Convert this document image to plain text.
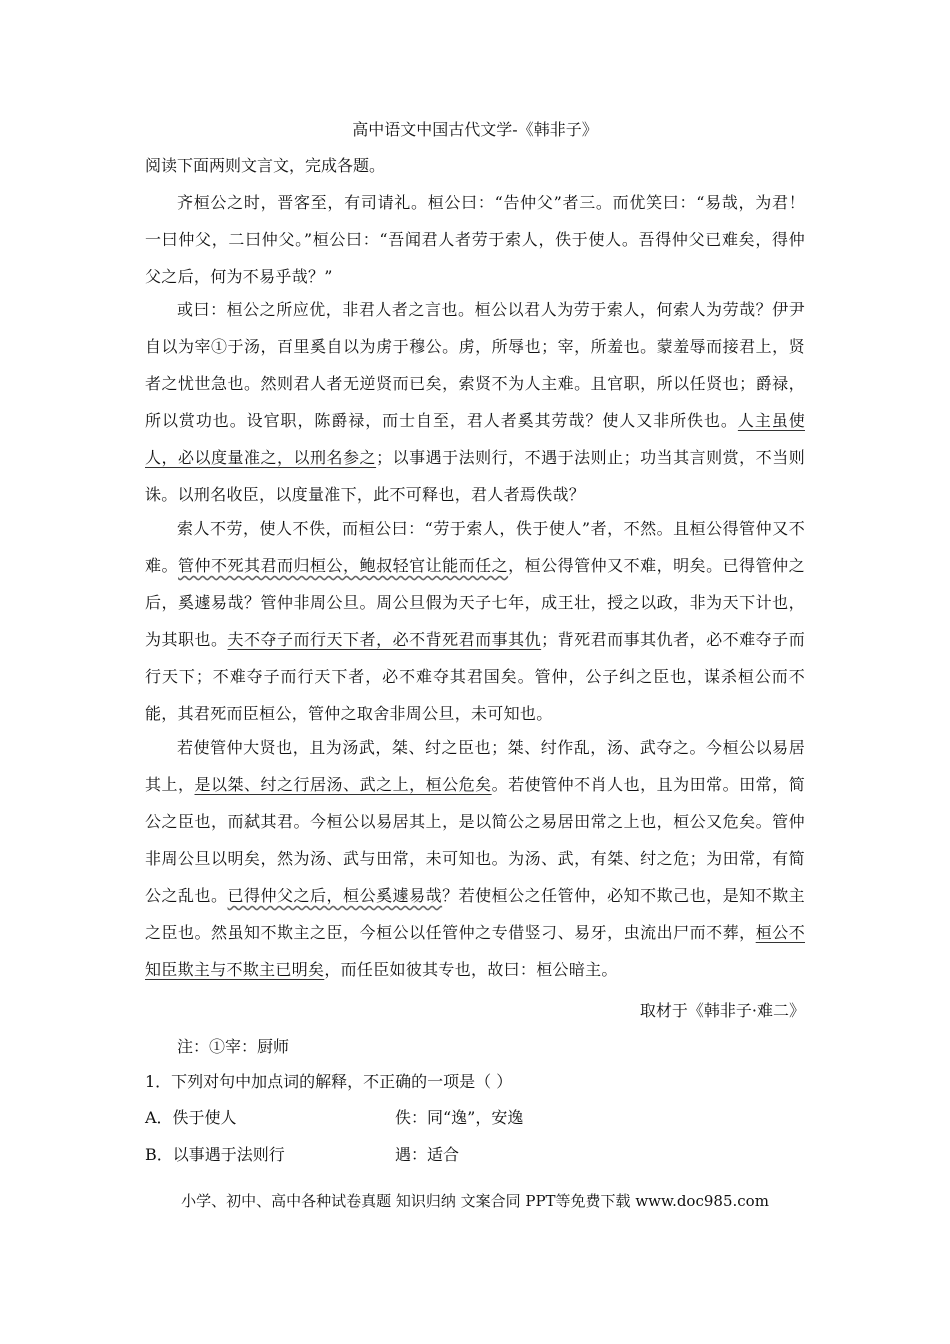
高中语文中国古代文学-《韩非子》
阅读下面两则文言文，完成各题。
齐桓公之时，晋客至，有司请礼。桓公曰：“告仲父”者三。而优笑曰：“易哉，为君！一曰仲父，二曰仲父。”桓公曰：“吾闻君人者劳于索人，佚于使人。吾得仲父已难矣，得仲父之后，何为不易乎哉？”
或曰：桓公之所应优，非君人者之言也。桓公以君人为劳于索人，何索人为劳哉？伊尹自以为宰①于汤，百里奚自以为虏于穆公。虏，所辱也；宰，所羞也。蒙羞辱而接君上，贤者之忧世急也。然则君人者无逆贤而已矣，索贤不为人主难。且官职，所以任贤也；爵禄，所以赏功也。设官职，陈爵禄，而士自至，君人者奚其劳哉？使人又非所佚也。人主虽使人，必以度量准之，以刑名参之；以事遇于法则行，不遇于法则止；功当其言则赏，不当则诛。以刑名收臣，以度量准下，此不可释也，君人者焉佚哉？
索人不劳，使人不佚，而桓公曰：“劳于索人，佚于使人”者，不然。且桓公得管仲又不难。管仲不死其君而归桓公，鲍叔轻官让能而任之，桓公得管仲又不难，明矣。已得管仲之后，奚遽易哉？管仲非周公旦。周公旦假为天子七年，成王壮，授之以政，非为天下计也，为其职也。夫不夺子而行天下者，必不背死君而事其仇；背死君而事其仇者，必不难夺子而行天下；不难夺子而行天下者，必不难夺其君国矣。管仲，公子纠之臣也，谋杀桓公而不能，其君死而臣桓公，管仲之取舍非周公旦，未可知也。
若使管仲大贤也，且为汤武，桀、纣之臣也；桀、纣作乱，汤、武夺之。今桓公以易居其上，是以桀、纣之行居汤、武之上，桓公危矣。若使管仲不肖人也，且为田常。田常，简公之臣也，而弑其君。今桓公以易居其上，是以简公之易居田常之上也，桓公又危矣。管仲非周公旦以明矣，然为汤、武与田常，未可知也。为汤、武，有桀、纣之危；为田常，有简公之乱也。已得仲父之后，桓公奚遽易哉？若使桓公之任管仲，必知不欺己也，是知不欺主之臣也。然虽知不欺主之臣，今桓公以任管仲之专借竖刁、易牙，虫流出尸而不葬，桓公不知臣欺主与不欺主已明矣，而任臣如彼其专也，故曰：桓公暗主。
取材于《韩非子·难二》
注：①宰：厨师
1．下列对句中加点词的解释，不正确的一项是（ ）
A．佚于使人	佚：同“逸”，安逸
B．以事遇于法则行	遇：适合
小学、初中、高中各种试卷真题 知识归纳 文案合同 PPT等免费下载 www.doc985.com
